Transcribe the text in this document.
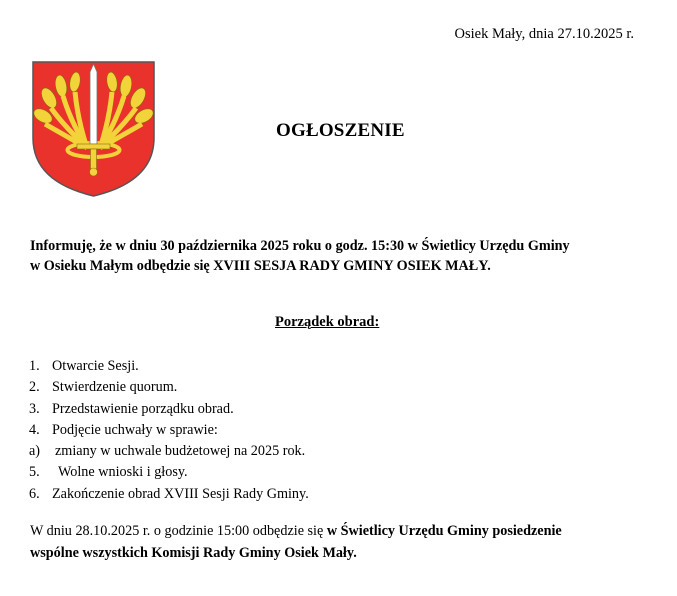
Osiek Mały, dnia 27.10.2025 r.
OGŁOSZENIE

Informuję, że w dniu 30 października 2025 roku o godz. 15:30 w Świetlicy Urzędu Gminy

w Osieku Małym odbędzie się XVIII SESJA RADY GMINY OSIEK MAŁY.

Porządek obrad:
1. Otwarcie Sesji.
2. Stwierdzenie quorum.
3. Przedstawienie porządku obrad.
4. Podjęcie uchwały w sprawie:
a) zmiany w uchwale budżetowej na 2025 rok.
5. Wolne wnioski i głosy.
6. Zakończenie obrad XVIII Sesji Rady Gminy.

W dniu 28.10.2025 r. o godzinie 15:00 odbędzie się w Świetlicy Urzędu Gminy posiedzenie

wspólne wszystkich Komisji Rady Gminy Osiek Mały.
